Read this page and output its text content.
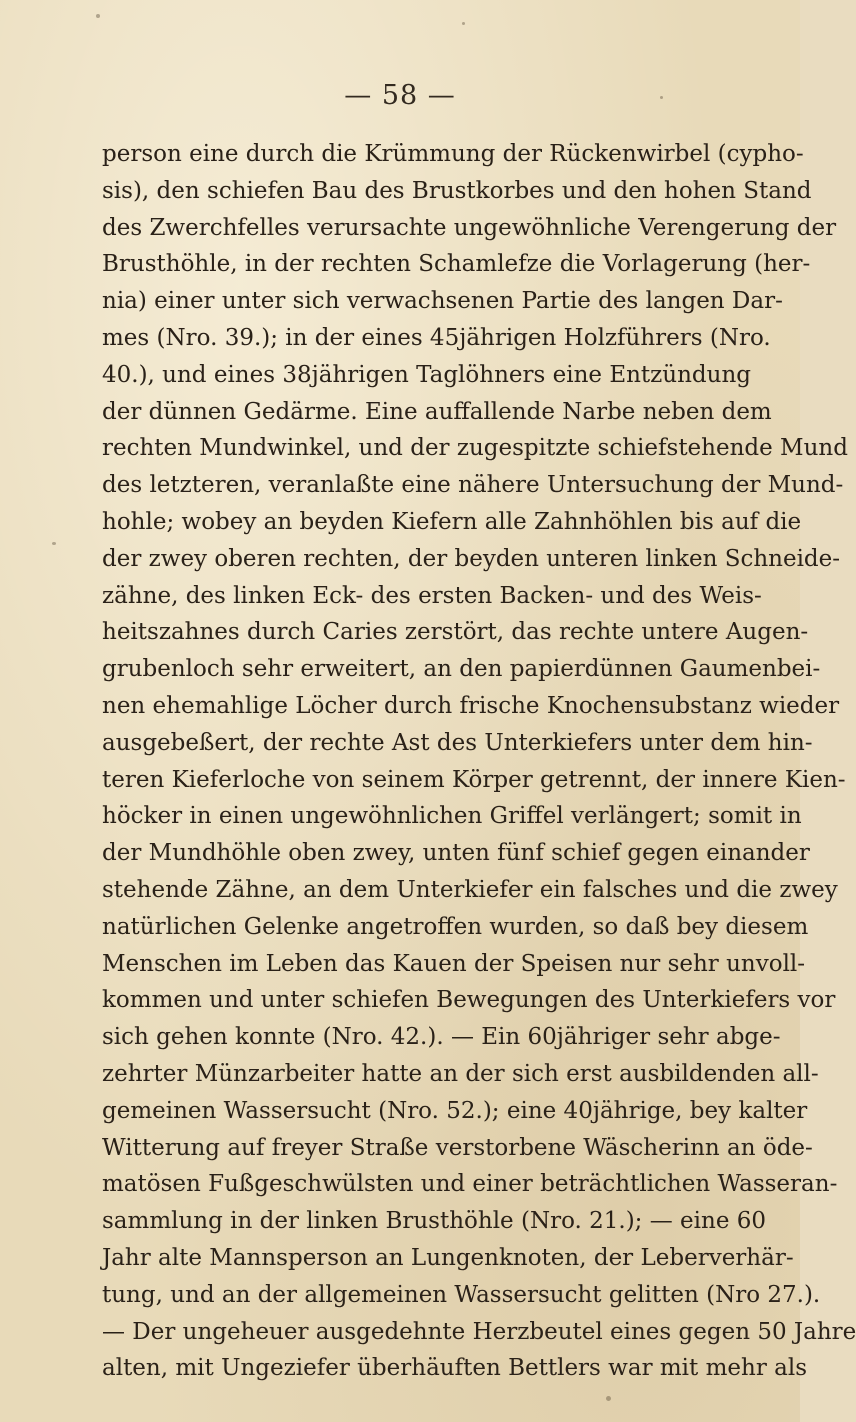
— 58 —
person eine durch die Krümmung der Rückenwirbel (cypho-
sis), den schiefen Bau des Brustkorbes und den hohen Stand
des Zwerchfelles verursachte ungewöhnliche Verengerung der
Brusthöhle, in der rechten Schamlefze die Vorlagerung (her-
nia) einer unter sich verwachsenen Partie des langen Dar-
mes (Nro. 39.); in der eines 45jährigen Holzführers (Nro.
40.), und eines 38jährigen Taglöhners eine Entzündung
der dünnen Gedärme. Eine auffallende Narbe neben dem
rechten Mundwinkel, und der zugespitzte schiefstehende Mund
des letzteren, veranlaßte eine nähere Untersuchung der Mund-
hohle; wobey an beyden Kiefern alle Zahnhöhlen bis auf die
der zwey oberen rechten, der beyden unteren linken Schneide-
zähne, des linken Eck- des ersten Backen- und des Weis-
heitszahnes durch Caries zerstört, das rechte untere Augen-
grubenloch sehr erweitert, an den papierdünnen Gaumenbei-
nen ehemahlige Löcher durch frische Knochensubstanz wieder
ausgebeßert, der rechte Ast des Unterkiefers unter dem hin-
teren Kieferloche von seinem Körper getrennt, der innere Kien-
höcker in einen ungewöhnlichen Griffel verlängert; somit in
der Mundhöhle oben zwey, unten fünf schief gegen einander
stehende Zähne, an dem Unterkiefer ein falsches und die zwey
natürlichen Gelenke angetroffen wurden, so daß bey diesem
Menschen im Leben das Kauen der Speisen nur sehr unvoll-
kommen und unter schiefen Bewegungen des Unterkiefers vor
sich gehen konnte (Nro. 42.). — Ein 60jähriger sehr abge-
zehrter Münzarbeiter hatte an der sich erst ausbildenden all-
gemeinen Wassersucht (Nro. 52.); eine 40jährige, bey kalter
Witterung auf freyer Straße verstorbene Wäscherinn an öde-
matösen Fußgeschwülsten und einer beträchtlichen Wasseran-
sammlung in der linken Brusthöhle (Nro. 21.); — eine 60
Jahr alte Mannsperson an Lungenknoten, der Leberverhär-
tung, und an der allgemeinen Wassersucht gelitten (Nro 27.).
— Der ungeheuer ausgedehnte Herzbeutel eines gegen 50 Jahre
alten, mit Ungeziefer überhäuften Bettlers war mit mehr als
